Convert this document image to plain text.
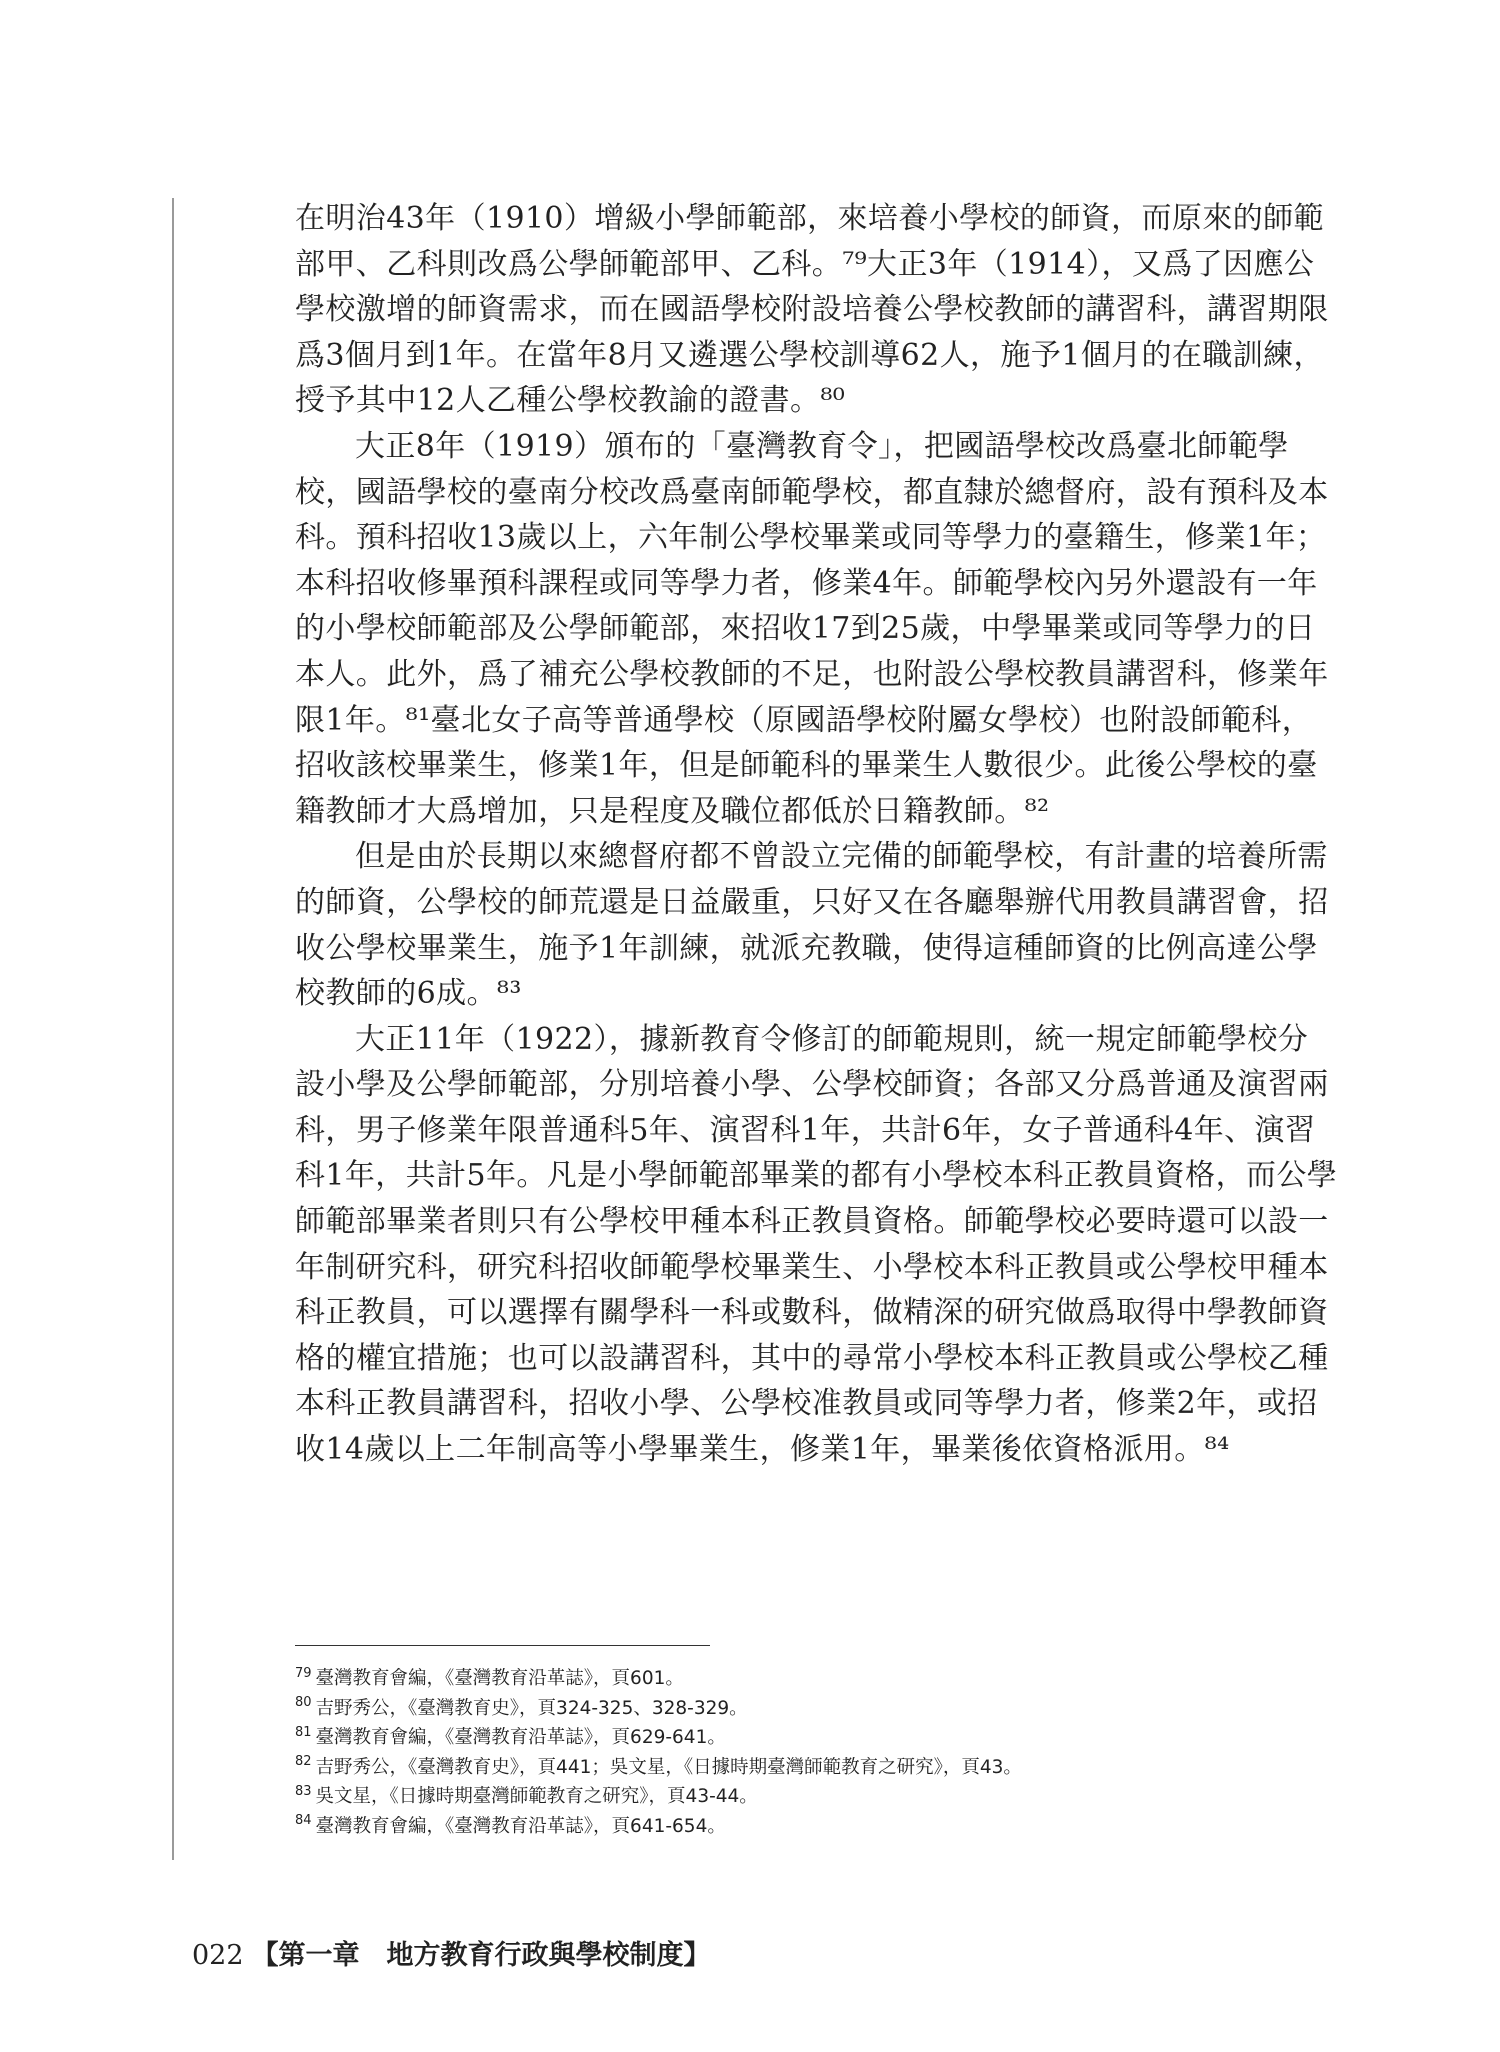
在明治43年（1910）增級小學師範部，來培養小學校的師資，而原來的師範
部甲、乙科則改爲公學師範部甲、乙科。⁷⁹大正3年（1914），又爲了因應公
學校激增的師資需求，而在國語學校附設培養公學校教師的講習科，講習期限
爲3個月到1年。在當年8月又遴選公學校訓導62人，施予1個月的在職訓練，
授予其中12人乙種公學校教諭的證書。⁸⁰
大正8年（1919）頒布的「臺灣教育令」，把國語學校改爲臺北師範學
校，國語學校的臺南分校改爲臺南師範學校，都直隸於總督府，設有預科及本
科。預科招收13歲以上，六年制公學校畢業或同等學力的臺籍生，修業1年；
本科招收修畢預科課程或同等學力者，修業4年。師範學校內另外還設有一年
的小學校師範部及公學師範部，來招收17到25歲，中學畢業或同等學力的日
本人。此外，爲了補充公學校教師的不足，也附設公學校教員講習科，修業年
限1年。⁸¹臺北女子高等普通學校（原國語學校附屬女學校）也附設師範科，
招收該校畢業生，修業1年，但是師範科的畢業生人數很少。此後公學校的臺
籍教師才大爲增加，只是程度及職位都低於日籍教師。⁸²
但是由於長期以來總督府都不曾設立完備的師範學校，有計畫的培養所需
的師資，公學校的師荒還是日益嚴重，只好又在各廳舉辦代用教員講習會，招
收公學校畢業生，施予1年訓練，就派充教職，使得這種師資的比例高達公學
校教師的6成。⁸³
大正11年（1922），據新教育令修訂的師範規則，統一規定師範學校分
設小學及公學師範部，分別培養小學、公學校師資；各部又分爲普通及演習兩
科，男子修業年限普通科5年、演習科1年，共計6年，女子普通科4年、演習
科1年，共計5年。凡是小學師範部畢業的都有小學校本科正教員資格，而公學
師範部畢業者則只有公學校甲種本科正教員資格。師範學校必要時還可以設一
年制研究科，研究科招收師範學校畢業生、小學校本科正教員或公學校甲種本
科正教員，可以選擇有關學科一科或數科，做精深的研究做爲取得中學教師資
格的權宜措施；也可以設講習科，其中的尋常小學校本科正教員或公學校乙種
本科正教員講習科，招收小學、公學校准教員或同等學力者，修業2年，或招
收14歲以上二年制高等小學畢業生，修業1年，畢業後依資格派用。⁸⁴
$^{79}$ 臺灣教育會編，《臺灣教育沿革誌》，頁601。
$^{80}$ 吉野秀公，《臺灣教育史》，頁324-325、328-329。
$^{81}$ 臺灣教育會編，《臺灣教育沿革誌》，頁629-641。
$^{82}$ 吉野秀公，《臺灣教育史》，頁441；吳文星，《日據時期臺灣師範教育之研究》，頁43。
$^{83}$ 吳文星，《日據時期臺灣師範教育之研究》，頁43-44。
$^{84}$ 臺灣教育會編，《臺灣教育沿革誌》，頁641-654。
022 【第一章　地方教育行政與學校制度】
